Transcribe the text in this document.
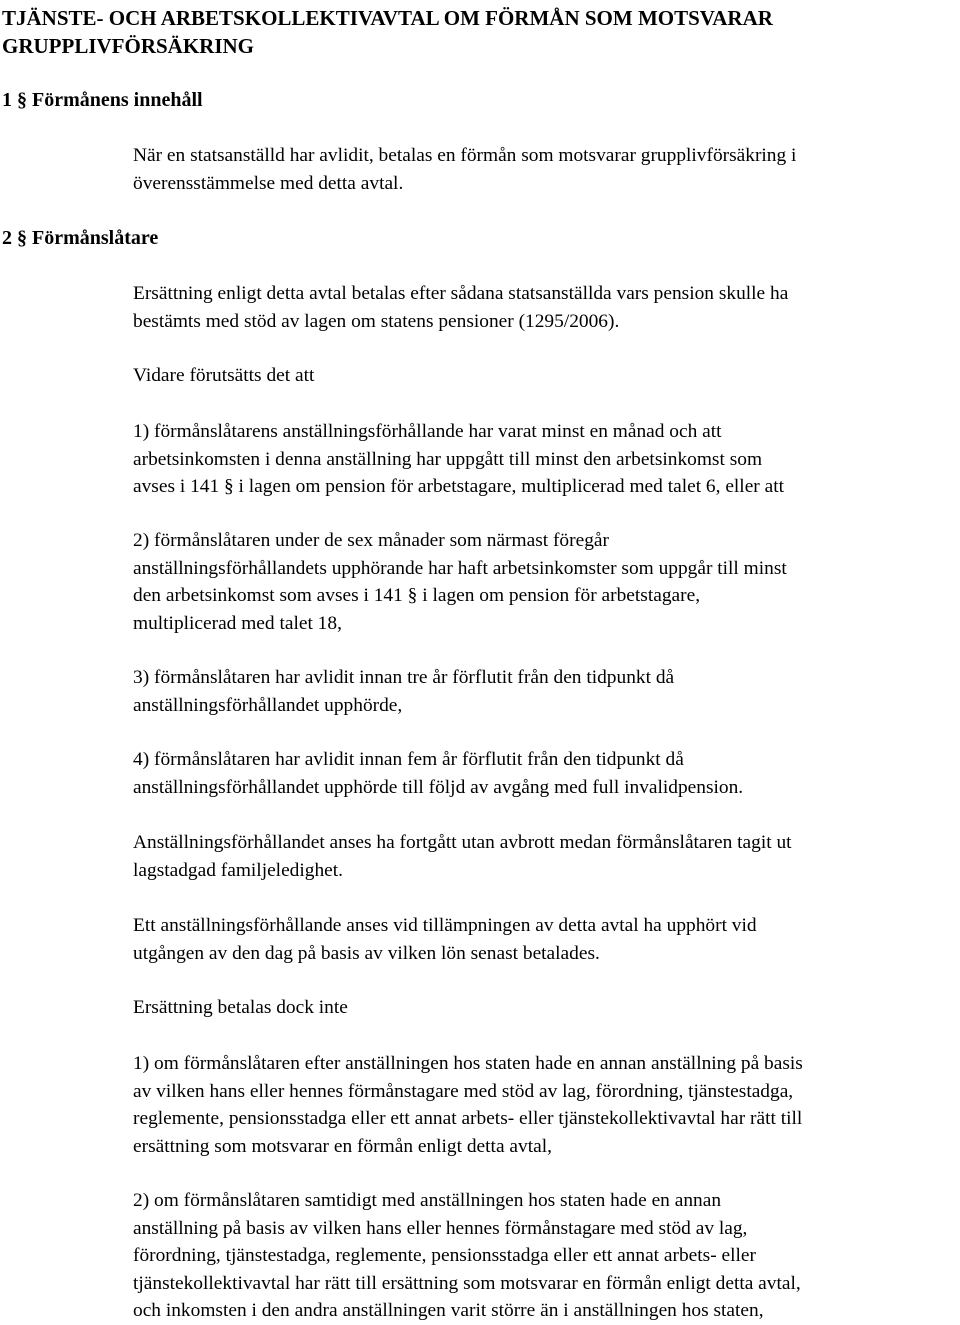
TJÄNSTE- OCH ARBETSKOLLEKTIVAVTAL OM FÖRMÅN SOM MOTSVARAR
GRUPPLIVFÖRSÄKRING
1 § Förmånens innehåll

När en statsanställd har avlidit, betalas en förmån som motsvarar grupplivförsäkring i
överensstämmelse med detta avtal.

2 § Förmånslåtare

Ersättning enligt detta avtal betalas efter sådana statsanställda vars pension skulle ha
bestämts med stöd av lagen om statens pensioner (1295/2006).

Vidare förutsätts det att

1) förmånslåtarens anställningsförhållande har varat minst en månad och att
arbetsinkomsten i denna anställning har uppgått till minst den arbetsinkomst som
avses i 141 § i lagen om pension för arbetstagare, multiplicerad med talet 6, eller att

2) förmånslåtaren under de sex månader som närmast föregår
anställningsförhållandets upphörande har haft arbetsinkomster som uppgår till minst
den arbetsinkomst som avses i 141 § i lagen om pension för arbetstagare,
multiplicerad med talet 18,

3) förmånslåtaren har avlidit innan tre år förflutit från den tidpunkt då
anställningsförhållandet upphörde,

4) förmånslåtaren har avlidit innan fem år förflutit från den tidpunkt då
anställningsförhållandet upphörde till följd av avgång med full invalidpension.

Anställningsförhållandet anses ha fortgått utan avbrott medan förmånslåtaren tagit ut
lagstadgad familjeledighet.

Ett anställningsförhållande anses vid tillämpningen av detta avtal ha upphört vid
utgången av den dag på basis av vilken lön senast betalades.

Ersättning betalas dock inte

1) om förmånslåtaren efter anställningen hos staten hade en annan anställning på basis
av vilken hans eller hennes förmånstagare med stöd av lag, förordning, tjänstestadga,
reglemente, pensionsstadga eller ett annat arbets- eller tjänstekollektivavtal har rätt till
ersättning som motsvarar en förmån enligt detta avtal,

2) om förmånslåtaren samtidigt med anställningen hos staten hade en annan
anställning på basis av vilken hans eller hennes förmånstagare med stöd av lag,
förordning, tjänstestadga, reglemente, pensionsstadga eller ett annat arbets- eller
tjänstekollektivavtal har rätt till ersättning som motsvarar en förmån enligt detta avtal,
och inkomsten i den andra anställningen varit större än i anställningen hos staten,
